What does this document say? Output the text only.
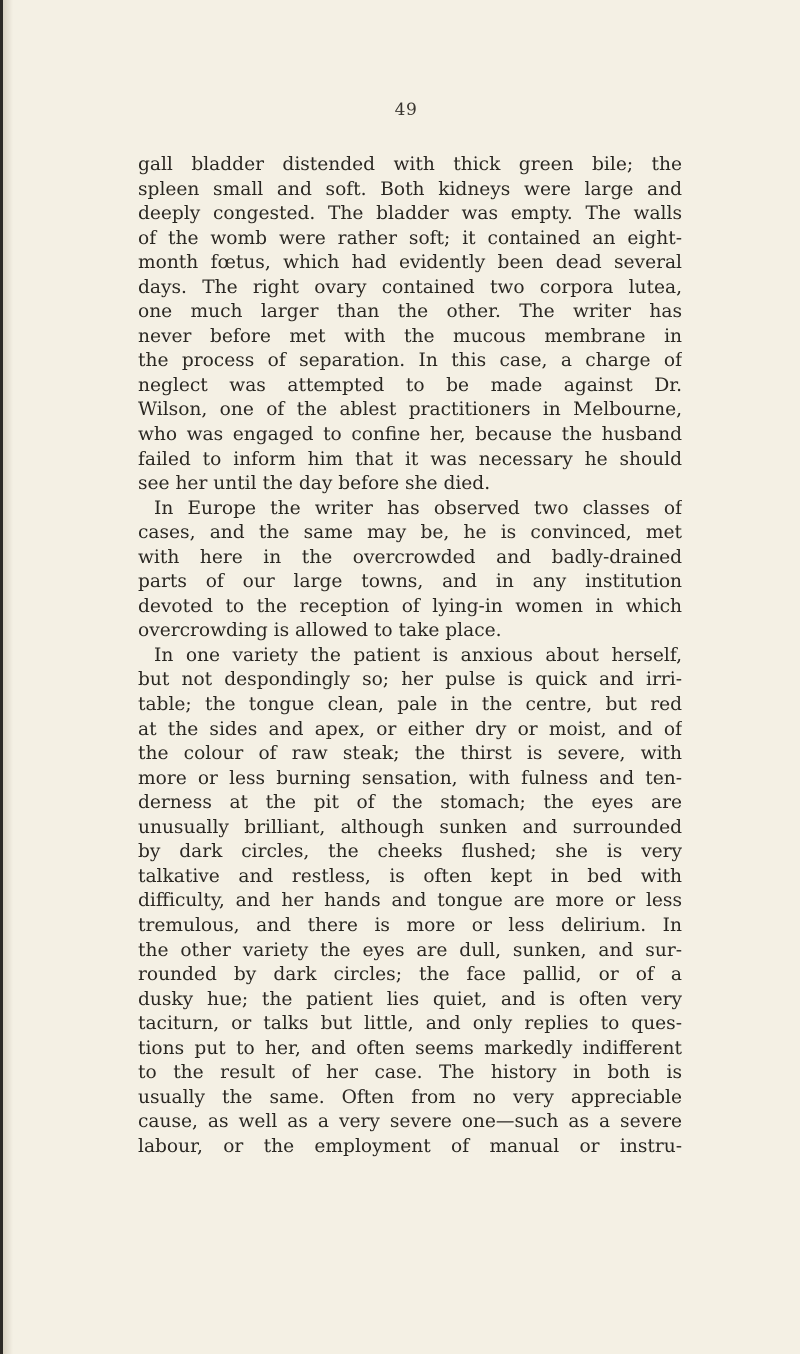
49
gall bladder distended with thick green bile; the
spleen small and soft. Both kidneys were large and
deeply congested. The bladder was empty. The walls
of the womb were rather soft; it contained an eight-
month fœtus, which had evidently been dead several
days. The right ovary contained two corpora lutea,
one much larger than the other. The writer has
never before met with the mucous membrane in
the process of separation. In this case, a charge of
neglect was attempted to be made against Dr.
Wilson, one of the ablest practitioners in Melbourne,
who was engaged to confine her, because the husband
failed to inform him that it was necessary he should
see her until the day before she died.
In Europe the writer has observed two classes of
cases, and the same may be, he is convinced, met
with here in the overcrowded and badly-drained
parts of our large towns, and in any institution
devoted to the reception of lying-in women in which
overcrowding is allowed to take place.
In one variety the patient is anxious about herself,
but not despondingly so; her pulse is quick and irri-
table; the tongue clean, pale in the centre, but red
at the sides and apex, or either dry or moist, and of
the colour of raw steak; the thirst is severe, with
more or less burning sensation, with fulness and ten-
derness at the pit of the stomach; the eyes are
unusually brilliant, although sunken and surrounded
by dark circles, the cheeks flushed; she is very
talkative and restless, is often kept in bed with
difficulty, and her hands and tongue are more or less
tremulous, and there is more or less delirium. In
the other variety the eyes are dull, sunken, and sur-
rounded by dark circles; the face pallid, or of a
dusky hue; the patient lies quiet, and is often very
taciturn, or talks but little, and only replies to ques-
tions put to her, and often seems markedly indifferent
to the result of her case. The history in both is
usually the same. Often from no very appreciable
cause, as well as a very severe one—such as a severe
labour, or the employment of manual or instru-
